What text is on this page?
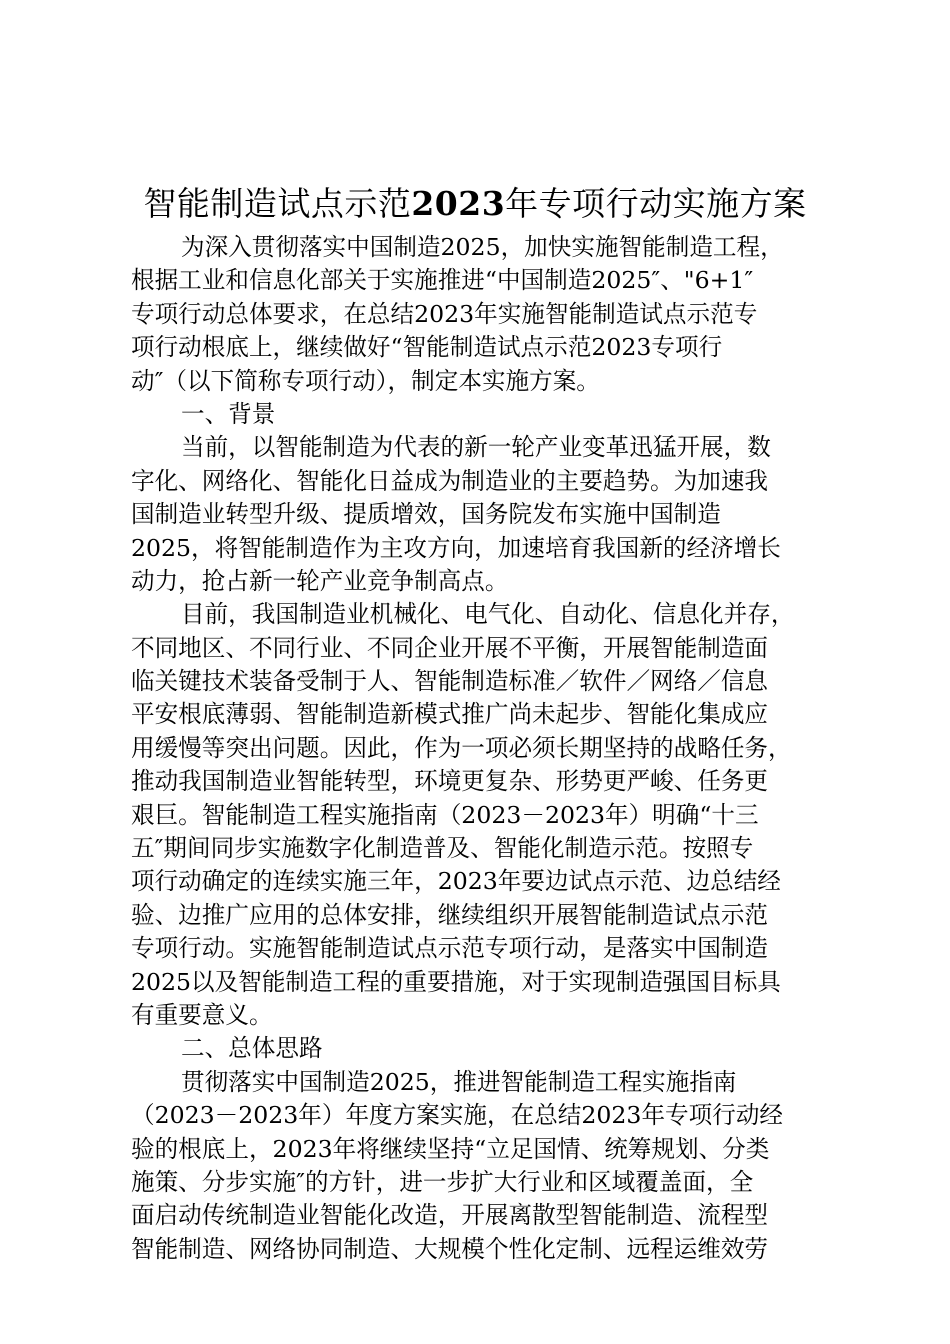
智能制造试点示范2023年专项行动实施方案
为深入贯彻落实中国制造2025，加快实施智能制造工程，
根据工业和信息化部关于实施推进“中国制造2025″、"6+1″
专项行动总体要求，在总结2023年实施智能制造试点示范专
项行动根底上，继续做好“智能制造试点示范2023专项行
动″（以下简称专项行动），制定本实施方案。
一、背景
当前，以智能制造为代表的新一轮产业变革迅猛开展，数
字化、网络化、智能化日益成为制造业的主要趋势。为加速我
国制造业转型升级、提质增效，国务院发布实施中国制造
2025，将智能制造作为主攻方向，加速培育我国新的经济增长
动力，抢占新一轮产业竞争制高点。
目前，我国制造业机械化、电气化、自动化、信息化并存，
不同地区、不同行业、不同企业开展不平衡，开展智能制造面
临关键技术装备受制于人、智能制造标准／软件／网络／信息
平安根底薄弱、智能制造新模式推广尚未起步、智能化集成应
用缓慢等突出问题。因此，作为一项必须长期坚持的战略任务，
推动我国制造业智能转型，环境更复杂、形势更严峻、任务更
艰巨。智能制造工程实施指南（2023－2023年）明确“十三
五″期间同步实施数字化制造普及、智能化制造示范。按照专
项行动确定的连续实施三年，2023年要边试点示范、边总结经
验、边推广应用的总体安排，继续组织开展智能制造试点示范
专项行动。实施智能制造试点示范专项行动，是落实中国制造
2025以及智能制造工程的重要措施，对于实现制造强国目标具
有重要意义。
二、总体思路
贯彻落实中国制造2025，推进智能制造工程实施指南
（2023－2023年）年度方案实施，在总结2023年专项行动经
验的根底上，2023年将继续坚持“立足国情、统筹规划、分类
施策、分步实施″的方针，进一步扩大行业和区域覆盖面，全
面启动传统制造业智能化改造，开展离散型智能制造、流程型
智能制造、网络协同制造、大规模个性化定制、远程运维效劳
